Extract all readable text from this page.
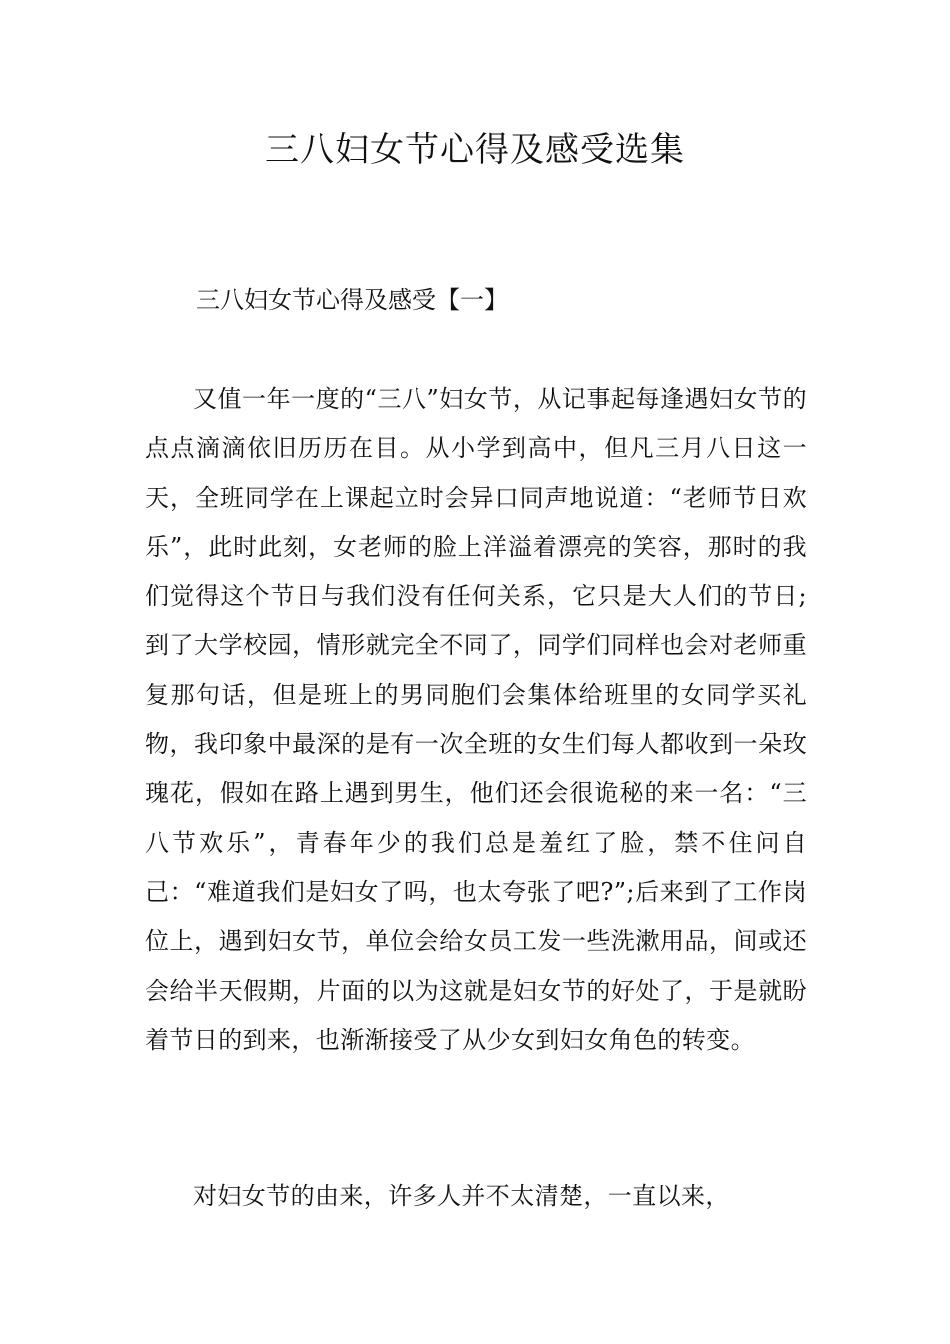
三八妇女节心得及感受选集
三八妇女节心得及感受【一】

又值一年一度的“三八”妇女节，从记事起每逢遇妇女节的点点滴滴依旧历历在目。从小学到高中，但凡三月八日这一天，全班同学在上课起立时会异口同声地说道：“老师节日欢乐”，此时此刻，女老师的脸上洋溢着漂亮的笑容，那时的我们觉得这个节日与我们没有任何关系，它只是大人们的节日;到了大学校园，情形就完全不同了，同学们同样也会对老师重复那句话，但是班上的男同胞们会集体给班里的女同学买礼物，我印象中最深的是有一次全班的女生们每人都收到一朵玫瑰花，假如在路上遇到男生，他们还会很诡秘的来一名：“三八节欢乐”，青春年少的我们总是羞红了脸，禁不住问自己：“难道我们是妇女了吗，也太夸张了吧?”;后来到了工作岗位上，遇到妇女节，单位会给女员工发一些洗漱用品，间或还会给半天假期，片面的以为这就是妇女节的好处了，于是就盼着节日的到来，也渐渐接受了从少女到妇女角色的转变。

对妇女节的由来，许多人并不太清楚，一直以来，
